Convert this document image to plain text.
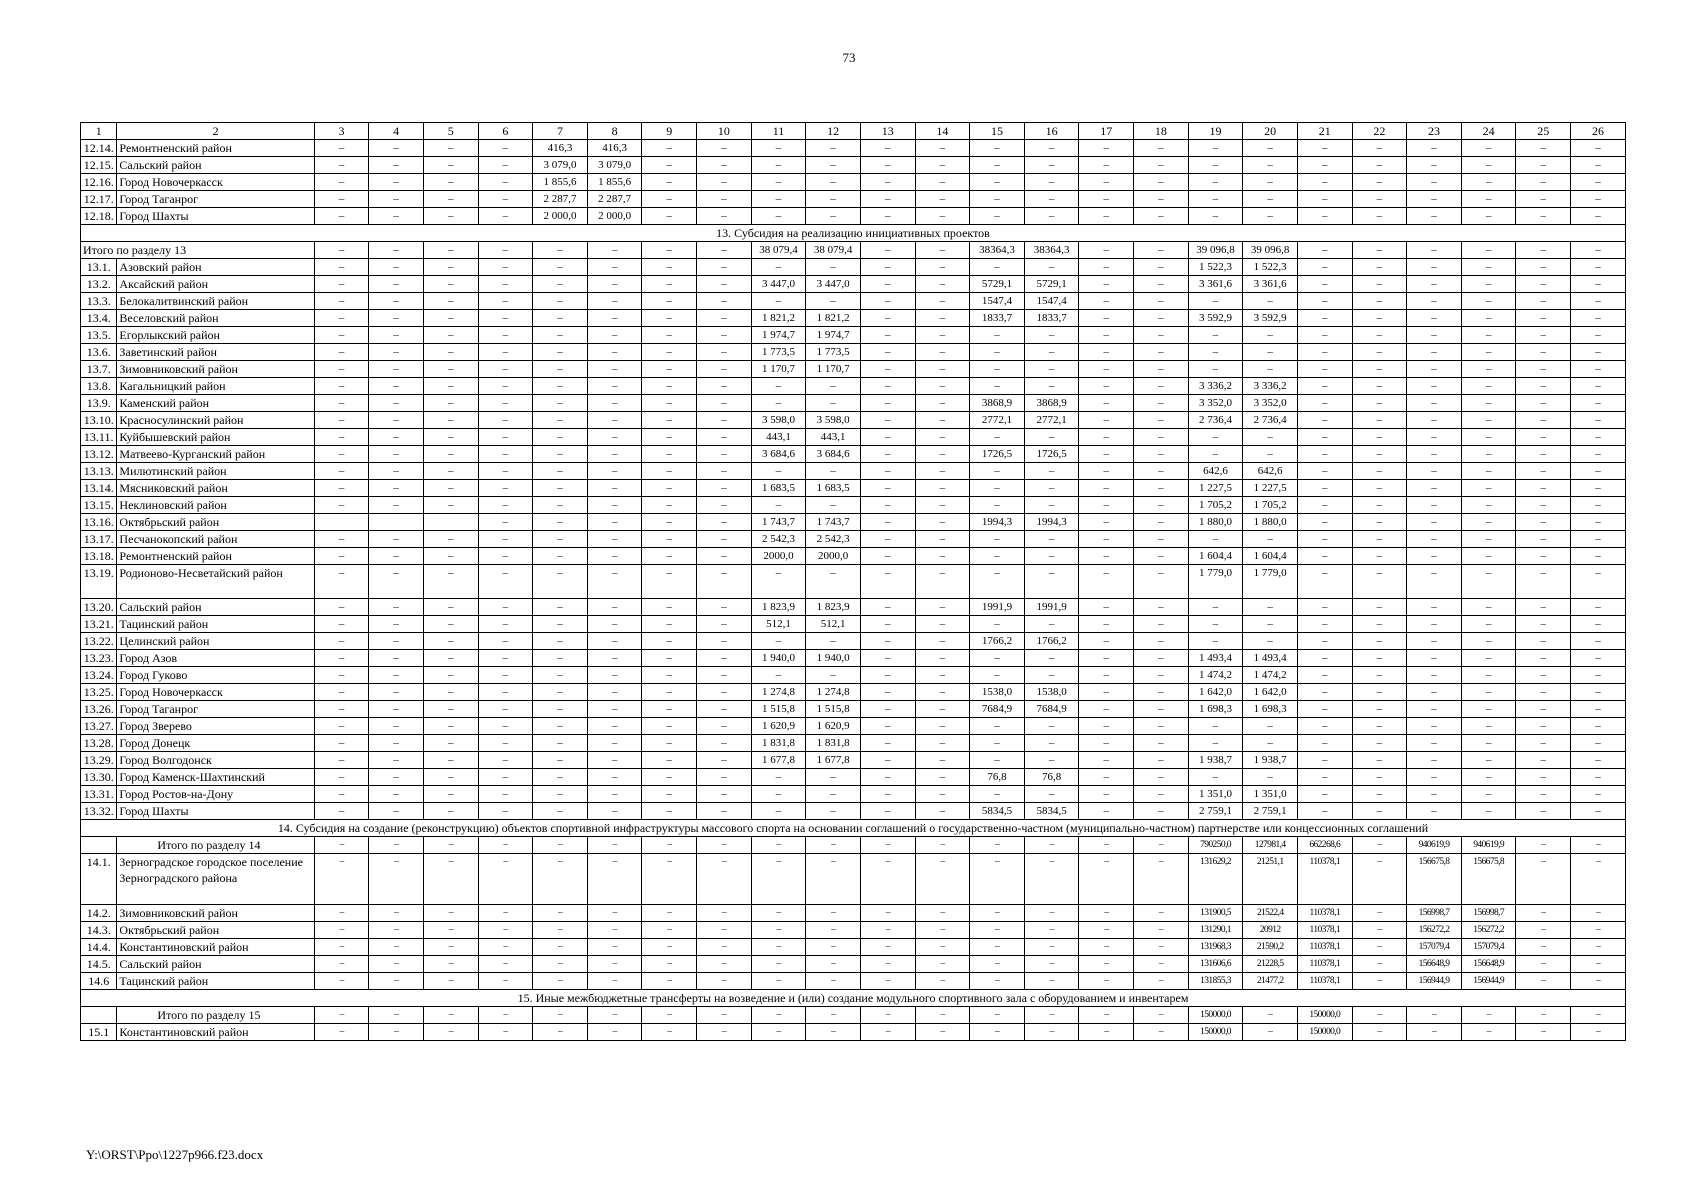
73
1	2	3	4	5	6	7	8	9	10	11	12	13	14	15	16	17	18	19	20	21	22	23	24	25	26
12.14.	Ремонтненский район	–	–	–	–	416,3	416,3	–	–	–	–	–	–	–	–	–	–	–	–	–	–	–	–	–	–
12.15.	Сальский район	–	–	–	–	3 079,0	3 079,0	–	–	–	–	–	–	–	–	–	–	–	–	–	–	–	–	–	–
12.16.	Город Новочеркасск	–	–	–	–	1 855,6	1 855,6	–	–	–	–	–	–	–	–	–	–	–	–	–	–	–	–	–	–
12.17.	Город Таганрог	–	–	–	–	2 287,7	2 287,7	–	–	–	–	–	–	–	–	–	–	–	–	–	–	–	–	–	–
12.18.	Город Шахты	–	–	–	–	2 000,0	2 000,0	–	–	–	–	–	–	–	–	–	–	–	–	–	–	–	–	–	–
13. Субсидия на реализацию инициативных проектов																									
Итого по разделу 13		–	–	–	–	–	–	–	–	38 079,4	38 079,4	–	–	38364,3	38364,3	–	–	39 096,8	39 096,8	–	–	–	–	–	–
13.1.	Азовский район	–	–	–	–	–	–	–	–	–	–	–	–	–	–	–	–	1 522,3	1 522,3	–	–	–	–	–	–
13.2.	Аксайский район	–	–	–	–	–	–	–	–	3 447,0	3 447,0	–	–	5729,1	5729,1	–	–	3 361,6	3 361,6	–	–	–	–	–	–
13.3.	Белокалитвинский район	–	–	–	–	–	–	–	–	–	–	–	–	1547,4	1547,4	–	–	–	–	–	–	–	–	–	–
13.4.	Веселовский район	–	–	–	–	–	–	–	–	1 821,2	1 821,2	–	–	1833,7	1833,7	–	–	3 592,9	3 592,9	–	–	–	–	–	–
13.5.	Егорлыкский район	–	–	–	–	–	–	–	–	1 974,7	1 974,7	–	–	–	–	–	–	–	–	–	–	–	–	–	–
13.6.	Заветинский район	–	–	–	–	–	–	–	–	1 773,5	1 773,5	–	–	–	–	–	–	–	–	–	–	–	–	–	–
13.7.	Зимовниковский район	–	–	–	–	–	–	–	–	1 170,7	1 170,7	–	–	–	–	–	–	–	–	–	–	–	–	–	–
13.8.	Кагальницкий район	–	–	–	–	–	–	–	–	–	–	–	–	–	–	–	–	3 336,2	3 336,2	–	–	–	–	–	–
13.9.	Каменский район	–	–	–	–	–	–	–	–	–	–	–	–	3868,9	3868,9	–	–	3 352,0	3 352,0	–	–	–	–	–	–
13.10.	Красносулинский район	–	–	–	–	–	–	–	–	3 598,0	3 598,0	–	–	2772,1	2772,1	–	–	2 736,4	2 736,4	–	–	–	–	–	–
13.11.	Куйбышевский район	–	–	–	–	–	–	–	–	443,1	443,1	–	–	–	–	–	–	–	–	–	–	–	–	–	–
13.12.	Матвеево-Курганский район	–	–	–	–	–	–	–	–	3 684,6	3 684,6	–	–	1726,5	1726,5	–	–	–	–	–	–	–	–	–	–
13.13.	Милютинский район	–	–	–	–	–	–	–	–	–	–	–	–	–	–	–	–	642,6	642,6	–	–	–	–	–	–
13.14.	Мясниковский район	–	–	–	–	–	–	–	–	1 683,5	1 683,5	–	–	–	–	–	–	1 227,5	1 227,5	–	–	–	–	–	–
13.15.	Неклиновский район	–	–	–	–	–	–	–	–	–	–	–	–	–	–	–	–	1 705,2	1 705,2	–	–	–	–	–	–
13.16.	Октябрьский район				–	–	–	–	–	1 743,7	1 743,7	–	–	1994,3	1994,3	–	–	1 880,0	1 880,0	–	–	–	–	–	–
13.17.	Песчанокопский район	–	–	–	–	–	–	–	–	2 542,3	2 542,3	–	–	–	–	–	–	–	–	–	–	–	–	–	–
13.18.	Ремонтненский район	–	–	–	–	–	–	–	–	2000,0	2000,0	–	–	–	–	–	–	1 604,4	1 604,4	–	–	–	–	–	–
13.19.	Родионово-Несветайский район	–	–	–	–	–	–	–	–	–	–	–	–	–	–	–	–	1 779,0	1 779,0	–	–	–	–	–	–
13.20.	Сальский район	–	–	–	–	–	–	–	–	1 823,9	1 823,9	–	–	1991,9	1991,9	–	–	–	–	–	–	–	–	–	–
13.21.	Тацинский район	–	–	–	–	–	–	–	–	512,1	512,1	–	–	–	–	–	–	–	–	–	–	–	–	–	–
13.22.	Целинский район	–	–	–	–	–	–	–	–	–	–	–	–	1766,2	1766,2	–	–	–	–	–	–	–	–	–	–
13.23.	Город Азов	–	–	–	–	–	–	–	–	1 940,0	1 940,0	–	–	–	–	–	–	1 493,4	1 493,4	–	–	–	–	–	–
13.24.	Город Гуково	–	–	–	–	–	–	–	–	–	–	–	–	–	–	–	–	1 474,2	1 474,2	–	–	–	–	–	–
13.25.	Город Новочеркасск	–	–	–	–	–	–	–	–	1 274,8	1 274,8	–	–	1538,0	1538,0	–	–	1 642,0	1 642,0	–	–	–	–	–	–
13.26.	Город Таганрог	–	–	–	–	–	–	–	–	1 515,8	1 515,8	–	–	7684,9	7684,9	–	–	1 698,3	1 698,3	–	–	–	–	–	–
13.27.	Город Зверево	–	–	–	–	–	–	–	–	1 620,9	1 620,9	–	–	–	–	–	–	–	–	–	–	–	–	–	–
13.28.	Город Донецк	–	–	–	–	–	–	–	–	1 831,8	1 831,8	–	–	–	–	–	–	–	–	–	–	–	–	–	–
13.29.	Город Волгодонск	–	–	–	–	–	–	–	–	1 677,8	1 677,8	–	–	–	–	–	–	1 938,7	1 938,7	–	–	–	–	–	–
13.30.	Город Каменск-Шахтинский	–	–	–	–	–	–	–	–	–	–	–	–	76,8	76,8	–	–	–	–	–	–	–	–	–	–
13.31.	Город Ростов-на-Дону	–	–	–	–	–	–	–	–	–	–	–	–	–	–	–	–	1 351,0	1 351,0	–	–	–	–	–	–
13.32.	Город Шахты	–	–	–	–	–	–	–	–	–	–	–	–	5834,5	5834,5	–	–	2 759,1	2 759,1	–	–	–	–	–	–
14. Субсидия на создание (реконструкцию) объектов спортивной инфраструктуры массового спорта на основании соглашений о государственно-частном (муниципально-частном) партнерстве или концессионных соглашений																									
	Итого по разделу 14	–	–	–	–	–	–	–	–	–	–	–	–	–	–	–	–	790250,0	127981,4	662268,6	–	940619,9	940619,9	–	–
14.1.	Зерноградское городское поселение Зерноградского района	–	–	–	–	–	–	–	–	–	–	–	–	–	–	–	–	131629,2	21251,1	110378,1	–	156675,8	156675,8	–	–
14.2.	Зимовниковский район	–	–	–	–	–	–	–	–	–	–	–	–	–	–	–	–	131900,5	21522,4	110378,1	–	156998,7	156998,7	–	–
14.3.	Октябрьский район	–	–	–	–	–	–	–	–	–	–	–	–	–	–	–	–	131290,1	20912	110378,1	–	156272,2	156272,2	–	–
14.4.	Константиновский район	–	–	–	–	–	–	–	–	–	–	–	–	–	–	–	–	131968,3	21590,2	110378,1	–	157079,4	157079,4	–	–
14.5.	Сальский район	–	–	–	–	–	–	–	–	–	–	–	–	–	–	–	–	131606,6	21228,5	110378,1	–	156648,9	156648,9	–	–
14.6	Тацинский район	–	–	–	–	–	–	–	–	–	–	–	–	–	–	–	–	131855,3	21477,2	110378,1	–	156944,9	156944,9	–	–
15. Иные межбюджетные трансферты на возведение и (или) создание модульного спортивного зала с оборудованием и инвентарем																									
	Итого по разделу 15	–	–	–	–	–	–	–	–	–	–	–	–	–	–	–	–	150000,0	–	150000,0	–	–	–	–	–
15.1	Константиновский район	–	–	–	–	–	–	–	–	–	–	–	–	–	–	–	–	150000,0	–	150000,0	–	–	–	–	–
Y:\ORST\Ppo\1227p966.f23.docx
